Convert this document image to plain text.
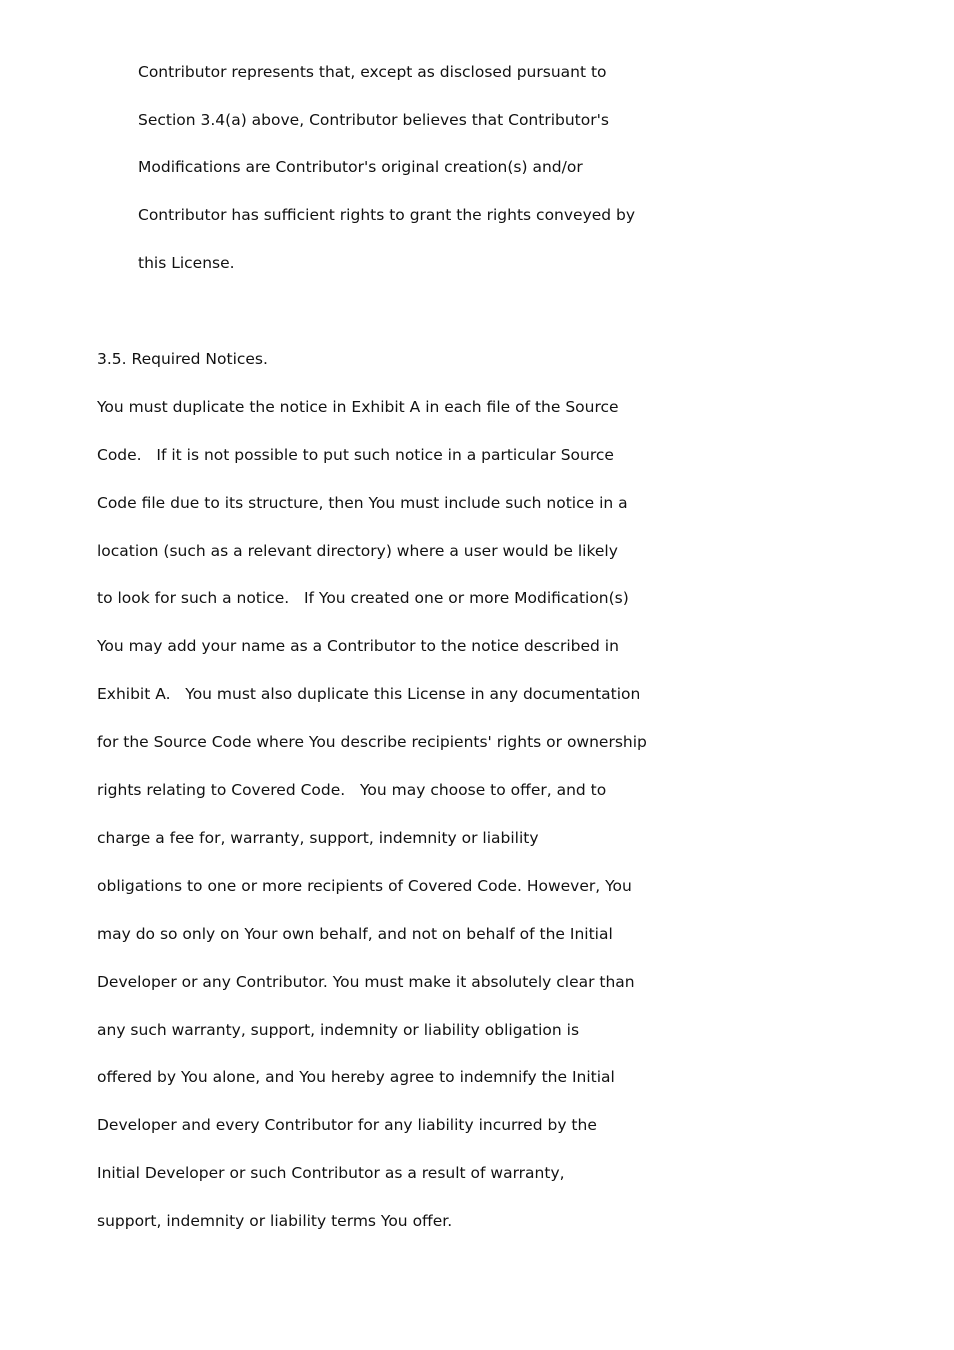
Contributor represents that, except as disclosed pursuant to

Section 3.4(a) above, Contributor believes that Contributor's

Modifications are Contributor's original creation(s) and/or

Contributor has sufficient rights to grant the rights conveyed by

this License.

3.5. Required Notices.

You must duplicate the notice in Exhibit A in each file of the Source

Code.   If it is not possible to put such notice in a particular Source

Code file due to its structure, then You must include such notice in a

location (such as a relevant directory) where a user would be likely

to look for such a notice.   If You created one or more Modification(s)

You may add your name as a Contributor to the notice described in

Exhibit A.   You must also duplicate this License in any documentation

for the Source Code where You describe recipients' rights or ownership

rights relating to Covered Code.   You may choose to offer, and to

charge a fee for, warranty, support, indemnity or liability

obligations to one or more recipients of Covered Code. However, You

may do so only on Your own behalf, and not on behalf of the Initial

Developer or any Contributor. You must make it absolutely clear than

any such warranty, support, indemnity or liability obligation is

offered by You alone, and You hereby agree to indemnify the Initial

Developer and every Contributor for any liability incurred by the

Initial Developer or such Contributor as a result of warranty,

support, indemnity or liability terms You offer.
